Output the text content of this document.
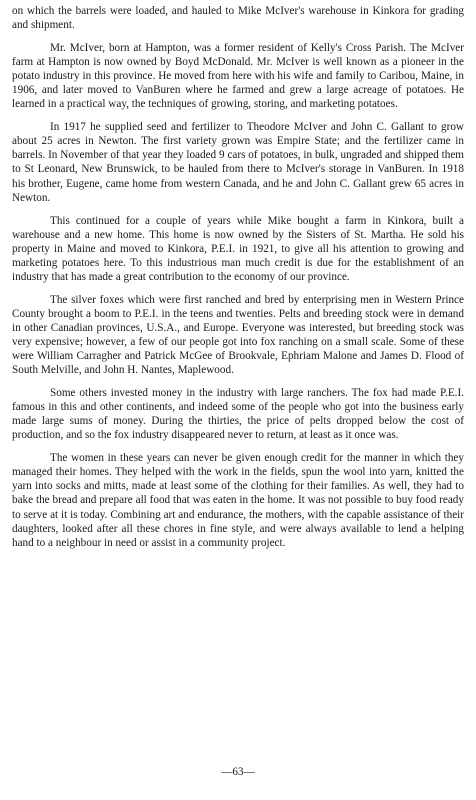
on which the barrels were loaded, and hauled to Mike McIver's warehouse in Kinkora for grading and shipment.

Mr. McIver, born at Hampton, was a former resident of Kelly's Cross Parish. The McIver farm at Hampton is now owned by Boyd McDonald. Mr. McIver is well known as a pioneer in the potato industry in this province. He moved from here with his wife and family to Caribou, Maine, in 1906, and later moved to VanBuren where he farmed and grew a large acreage of potatoes. He learned in a practical way, the techniques of growing, storing, and marketing potatoes.

In 1917 he supplied seed and fertilizer to Theodore McIver and John C. Gallant to grow about 25 acres in Newton. The first variety grown was Empire State; and the fertilizer came in barrels. In November of that year they loaded 9 cars of potatoes, in bulk, ungraded and shipped them to St Leonard, New Brunswick, to be hauled from there to McIver's storage in VanBuren. In 1918 his brother, Eugene, came home from western Canada, and he and John C. Gallant grew 65 acres in Newton.

This continued for a couple of years while Mike bought a farm in Kinkora, built a warehouse and a new home. This home is now owned by the Sisters of St. Martha. He sold his property in Maine and moved to Kinkora, P.E.I. in 1921, to give all his attention to growing and marketing potatoes here. To this industrious man much credit is due for the establishment of an industry that has made a great contribution to the economy of our province.

The silver foxes which were first ranched and bred by enterprising men in Western Prince County brought a boom to P.E.I. in the teens and twenties. Pelts and breeding stock were in demand in other Canadian provinces, U.S.A., and Europe. Everyone was interested, but breeding stock was very expensive; however, a few of our people got into fox ranching on a small scale. Some of these were William Carragher and Patrick McGee of Brookvale, Ephriam Malone and James D. Flood of South Melville, and John H. Nantes, Maplewood.

Some others invested money in the industry with large ranchers. The fox had made P.E.I. famous in this and other continents, and indeed some of the people who got into the business early made large sums of money. During the thirties, the price of pelts dropped below the cost of production, and so the fox industry disappeared never to return, at least as it once was.

The women in these years can never be given enough credit for the manner in which they managed their homes. They helped with the work in the fields, spun the wool into yarn, knitted the yarn into socks and mitts, made at least some of the clothing for their families. As well, they had to bake the bread and prepare all food that was eaten in the home. It was not possible to buy food ready to serve at it is today. Combining art and endurance, the mothers, with the capable assistance of their daughters, looked after all these chores in fine style, and were always available to lend a helping hand to a neighbour in need or assist in a community project.

—63—
